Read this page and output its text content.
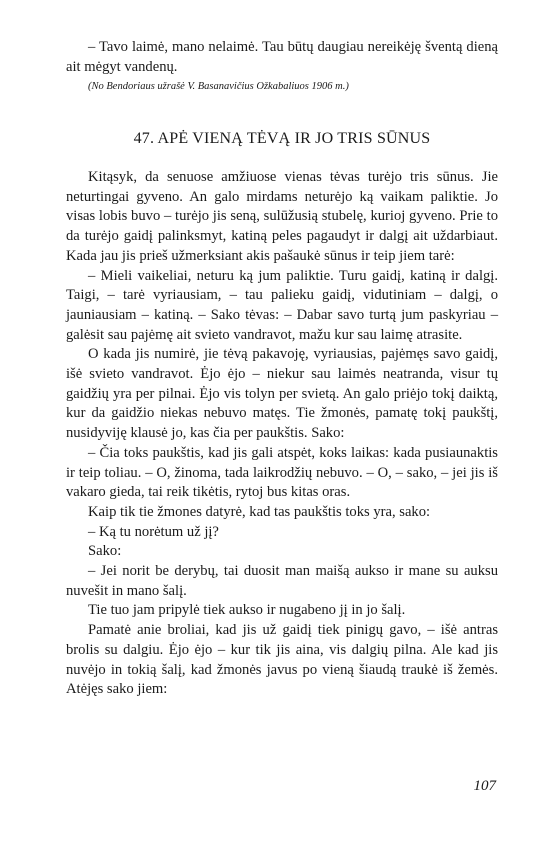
– Tavo laimė, mano nelaimė. Tau būtų daugiau nereikėję šventą dieną ait mėgyt vandenų.

(No Bendoriaus užrašė V. Basanavičius Ožkabaliuos 1906 m.)
47. APĖ VIENĄ TĖVĄ IR JO TRIS SŪNUS

Kitąsyk, da senuose amžiuose vienas tėvas turėjo tris sūnus. Jie neturtingai gyveno. An galo mirdams neturėjo ką vaikam paliktie. Jo visas lobis buvo – turėjo jis seną, sulūžusią stubelę, kurioj gyveno. Prie to da turėjo gaidį palinksmyt, katiną peles pagaudyt ir dalgį ait uždarbiaut. Kada jau jis prieš užmerksiant akis pašaukė sūnus ir teip jiem tarė:

– Mieli vaikeliai, neturu ką jum paliktie. Turu gaidį, katiną ir dalgį. Taigi, – tarė vyriausiam, – tau palieku gaidį, vidutiniam – dalgį, o jauniausiam – katiną. – Sako tėvas: – Dabar savo turtą jum paskyriau – galėsit sau pajėmę ait svieto vandravot, mažu kur sau laimę atrasite.

O kada jis numirė, jie tėvą pakavoję, vyriausias, pajėmęs savo gaidį, išė svieto vandravot. Ėjo ėjo – niekur sau laimės neatranda, visur tų gaidžių yra per pilnai. Ėjo vis tolyn per svietą. An galo priėjo tokį daiktą, kur da gaidžio niekas nebuvo matęs. Tie žmonės, pamatę tokį paukštį, nusidyviję klausė jo, kas čia per paukštis. Sako:

– Čia toks paukštis, kad jis gali atspėt, koks laikas: kada pusiaunaktis ir teip toliau. – O, žinoma, tada laikrodžių nebuvo. – O, – sako, – jei jis iš vakaro gieda, tai reik tikėtis, rytoj bus kitas oras.

Kaip tik tie žmones datyrė, kad tas paukštis toks yra, sako:

– Ką tu norėtum už jį?

Sako:

– Jei norit be derybų, tai duosit man maišą aukso ir mane su auksu nuvešit in mano šalį.

Tie tuo jam pripylė tiek aukso ir nugabeno jį in jo šalį.

Pamatė anie broliai, kad jis už gaidį tiek pinigų gavo, – išė antras brolis su dalgiu. Ėjo ėjo – kur tik jis aina, vis dalgių pilna. Ale kad jis nuvėjo in tokią šalį, kad žmonės javus po vieną šiaudą traukė iš žemės. Atėjęs sako jiem:

107
